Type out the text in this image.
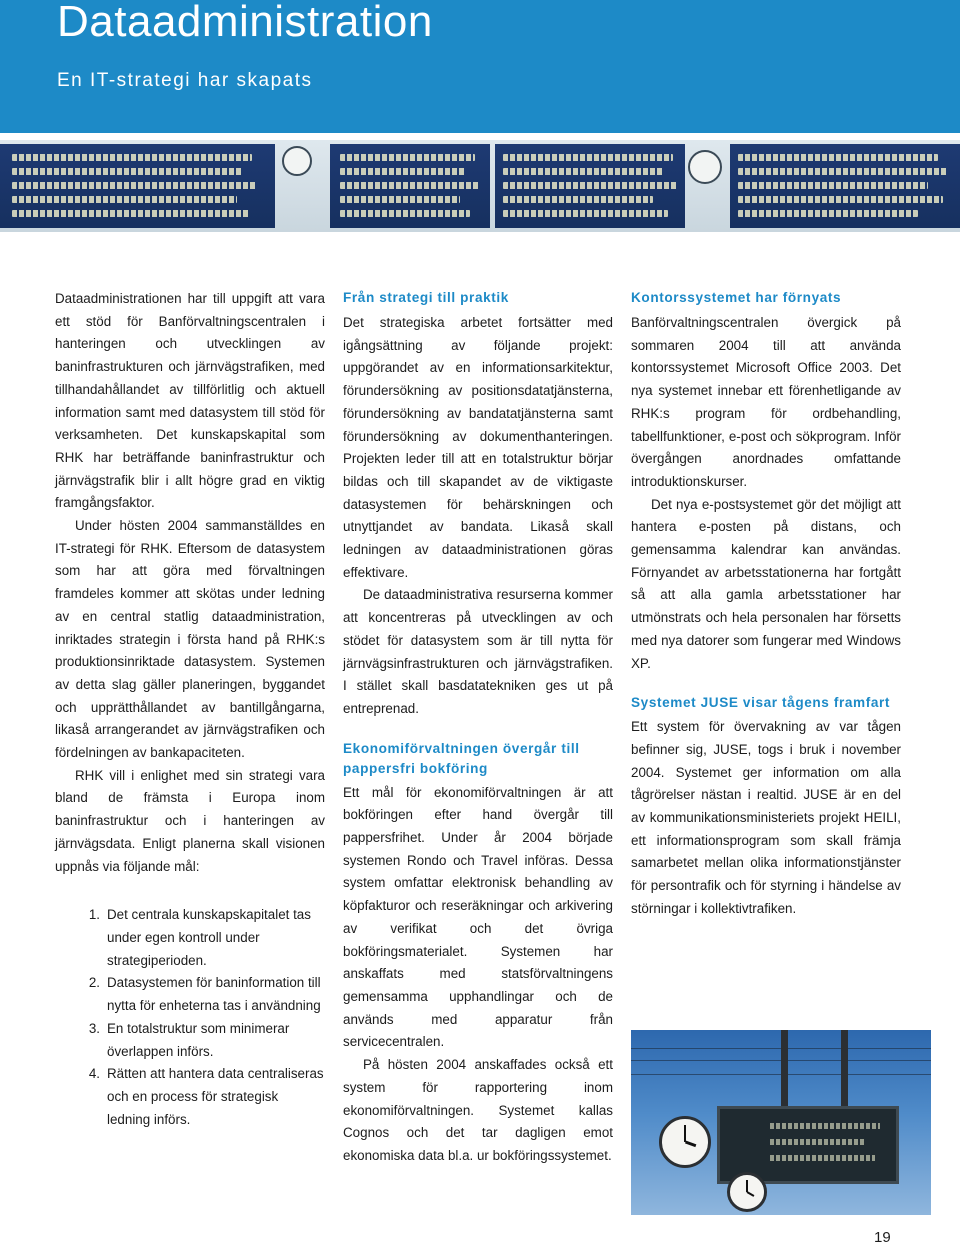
Dataadministration
En IT-strategi har skapats

Dataadministrationen har till uppgift att vara ett stöd för Banförvaltningscentralen i hanteringen och utvecklingen av baninfrastrukturen och järnvägstrafiken, med tillhandahållandet av tillförlitlig och aktuell information samt med datasystem till stöd för verksamheten. Det kunskapskapital som RHK har beträffande baninfrastruktur och järnvägstrafik blir i allt högre grad en viktig framgångsfaktor.

Under hösten 2004 sammanställdes en IT-strategi för RHK. Eftersom de datasystem som har att göra med förvaltningen framdeles kommer att skötas under ledning av en central statlig dataadministration, inriktades strategin i första hand på RHK:s produktionsinriktade datasystem. Systemen av detta slag gäller planeringen, byggandet och upprätthållandet av bantillgångarna, likaså arrangerandet av järnvägstrafiken och fördelningen av bankapaciteten.

RHK vill i enlighet med sin strategi vara bland de främsta i Europa inom baninfrastruktur och i hanteringen av järnvägsdata. Enligt planerna skall visionen uppnås via följande mål:

1. Det centrala kunskapskapitalet tas under egen kontroll under strategiperioden.
2. Datasystemen för baninformation till nytta för enheterna tas i användning
3. En totalstruktur som minimerar överlappen införs.
4. Rätten att hantera data centraliseras och en process för strategisk ledning införs.
Från strategi till praktik

Det strategiska arbetet fortsätter med igångsättning av följande projekt: uppgörandet av en informationsarkitektur, förundersökning av positionsdatatjänsterna, förundersökning av bandatatjänsterna samt förundersökning av dokumenthanteringen. Projekten leder till att en totalstruktur börjar bildas och till skapandet av de viktigaste datasystemen för behärskningen och utnyttjandet av bandata. Likaså skall ledningen av dataadministrationen göras effektivare.

De dataadministrativa resurserna kommer att koncentreras på utvecklingen av och stödet för datasystem som är till nytta för järnvägsinfrastrukturen och järnvägstrafiken. I stället skall basdatatekniken ges ut på entreprenad.

Ekonomiförvaltningen övergår till pappersfri bokföring

Ett mål för ekonomiförvaltningen är att bokföringen efter hand övergår till pappersfrihet. Under år 2004 började systemen Rondo och Travel införas. Dessa system omfattar elektronisk behandling av köpfakturor och reseräkningar och arkivering av verifikat och det övriga bokföringsmaterialet. Systemen har anskaffats med statsförvaltningens gemensamma upphandlingar och de används med apparatur från servicecentralen.

På hösten 2004 anskaffades också ett system för rapportering inom ekonomiförvaltningen. Systemet kallas Cognos och det tar dagligen emot ekonomiska data bl.a. ur bokföringssystemet.

Kontorssystemet har förnyats

Banförvaltningscentralen övergick på sommaren 2004 till att använda kontorssystemet Microsoft Office 2003. Det nya systemet innebar ett förenhetligande av RHK:s program för ordbehandling, tabellfunktioner, e-post och sökprogram. Inför övergången anordnades omfattande introduktionskurser.

Det nya e-postsystemet gör det möjligt att hantera e-posten på distans, och gemensamma kalendrar kan användas. Förnyandet av arbetsstationerna har fortgått så att alla gamla arbetsstationer har utmönstrats och hela personalen har försetts med nya datorer som fungerar med Windows XP.

Systemet JUSE visar tågens framfart

Ett system för övervakning av var tågen befinner sig, JUSE, togs i bruk i november 2004. Systemet ger information om alla tågrörelser nästan i realtid. JUSE är en del av kommunikationsministeriets projekt HEILI, ett informationsprogram som skall främja samarbetet mellan olika informationstjänster för persontrafik och för styrning i händelse av störningar i kollektivtrafiken.

19
